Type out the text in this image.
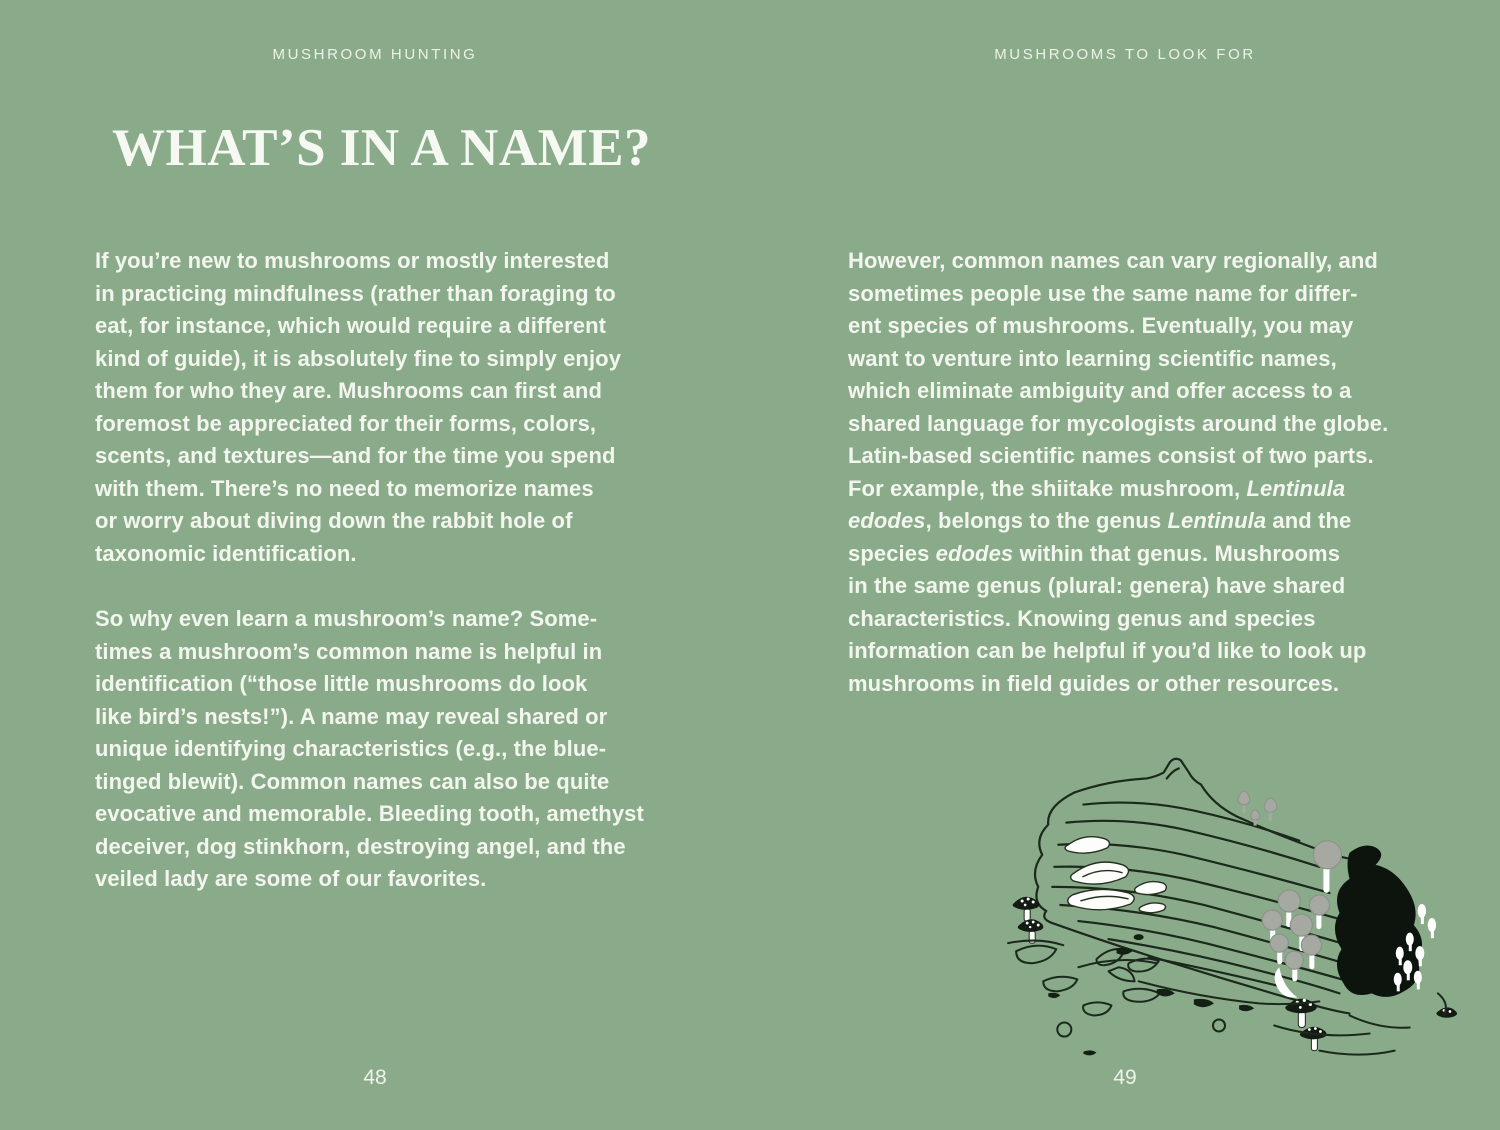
MUSHROOM HUNTING
WHAT’S IN A NAME?
If you’re new to mushrooms or mostly interested
in practicing mindfulness (rather than foraging to
eat, for instance, which would require a different
kind of guide), it is absolutely fine to simply enjoy
them for who they are. Mushrooms can first and
foremost be appreciated for their forms, colors,
scents, and textures—and for the time you spend
with them. There’s no need to memorize names
or worry about diving down the rabbit hole of
taxonomic identification.
So why even learn a mushroom’s name? Some-
times a mushroom’s common name is helpful in
identification (“those little mushrooms do look
like bird’s nests!”). A name may reveal shared or
unique identifying characteristics (e.g., the blue-
tinged blewit). Common names can also be quite
evocative and memorable. Bleeding tooth, amethyst
deceiver, dog stinkhorn, destroying angel, and the
veiled lady are some of our favorites.
48
MUSHROOMS TO LOOK FOR
However, common names can vary regionally, and
sometimes people use the same name for differ-
ent species of mushrooms. Eventually, you may
want to venture into learning scientific names,
which eliminate ambiguity and offer access to a
shared language for mycologists around the globe.
Latin-based scientific names consist of two parts.
For example, the shiitake mushroom, Lentinula
edodes, belongs to the genus Lentinula and the
species edodes within that genus. Mushrooms
in the same genus (plural: genera) have shared
characteristics. Knowing genus and species
information can be helpful if you’d like to look up
mushrooms in field guides or other resources.
49
